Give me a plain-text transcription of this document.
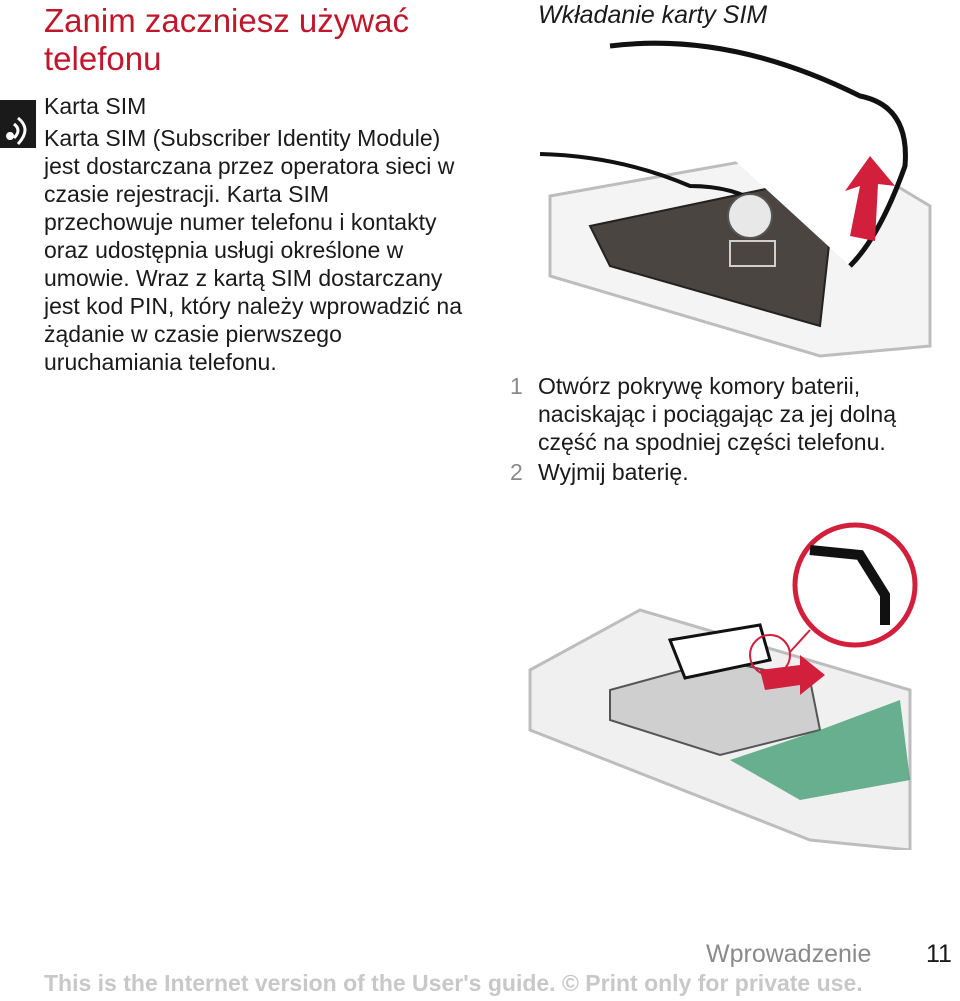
Zanim zaczniesz używać telefonu
Karta SIM

Karta SIM (Subscriber Identity Module) jest dostarczana przez operatora sieci w czasie rejestracji. Karta SIM przechowuje numer telefonu i kontakty oraz udostępnia usługi określone w umowie. Wraz z kartą SIM dostarczany jest kod PIN, który należy wprowadzić na żądanie w czasie pierwszego uruchamiania telefonu.

Wkładanie karty SIM

1 Otwórz pokrywę komory baterii, naciskając i pociągając za jej dolną część na spodniej części telefonu.
2 Wyjmij baterię.
Wprowadzenie 11
This is the Internet version of the User's guide. © Print only for private use.
